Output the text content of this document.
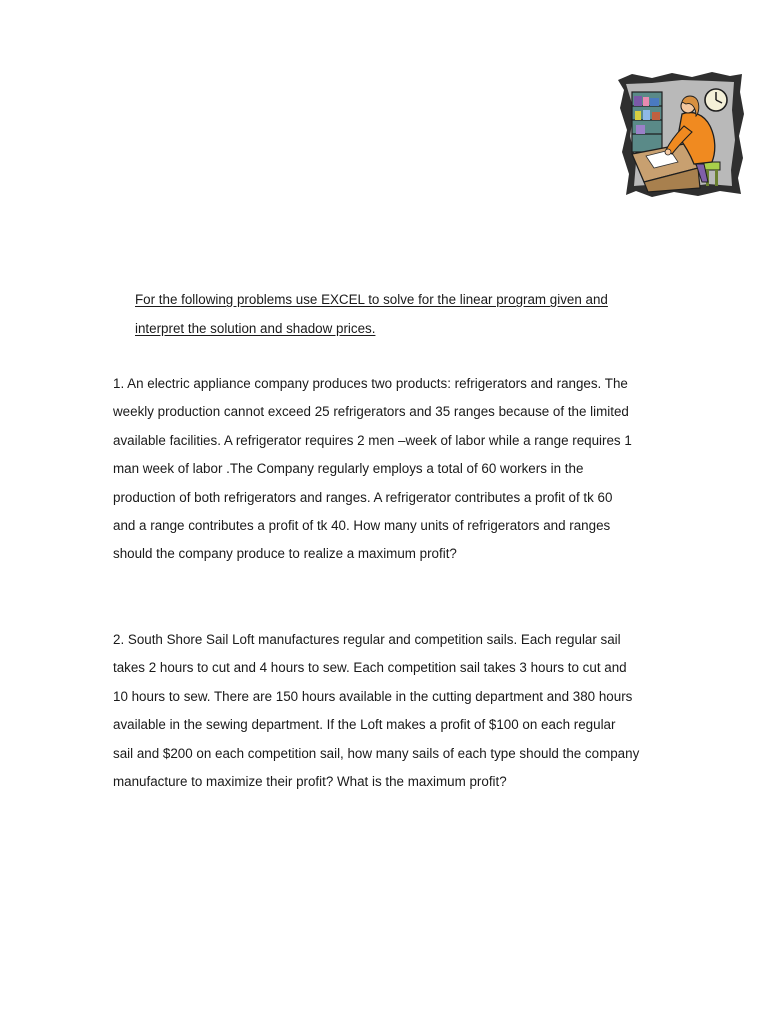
For the following problems use EXCEL to solve for the linear program given and
interpret the solution and shadow prices.
1. An electric appliance company produces two products: refrigerators and ranges. The
weekly production cannot exceed 25 refrigerators and 35 ranges because of the limited
available facilities. A refrigerator requires 2 men –week of labor while a range requires 1
man week of labor .The Company regularly employs a total of 60 workers in the
production of both refrigerators and ranges. A refrigerator contributes a profit of tk 60
and a range contributes a profit of tk 40. How many units of refrigerators and ranges
should the company produce to realize a maximum profit?
2. South Shore Sail Loft manufactures regular and competition sails. Each regular sail
takes 2 hours to cut and 4 hours to sew. Each competition sail takes 3 hours to cut and
10 hours to sew. There are 150 hours available in the cutting department and 380 hours
available in the sewing department. If the Loft makes a profit of $100 on each regular
sail and $200 on each competition sail, how many sails of each type should the company
manufacture to maximize their profit? What is the maximum profit?
